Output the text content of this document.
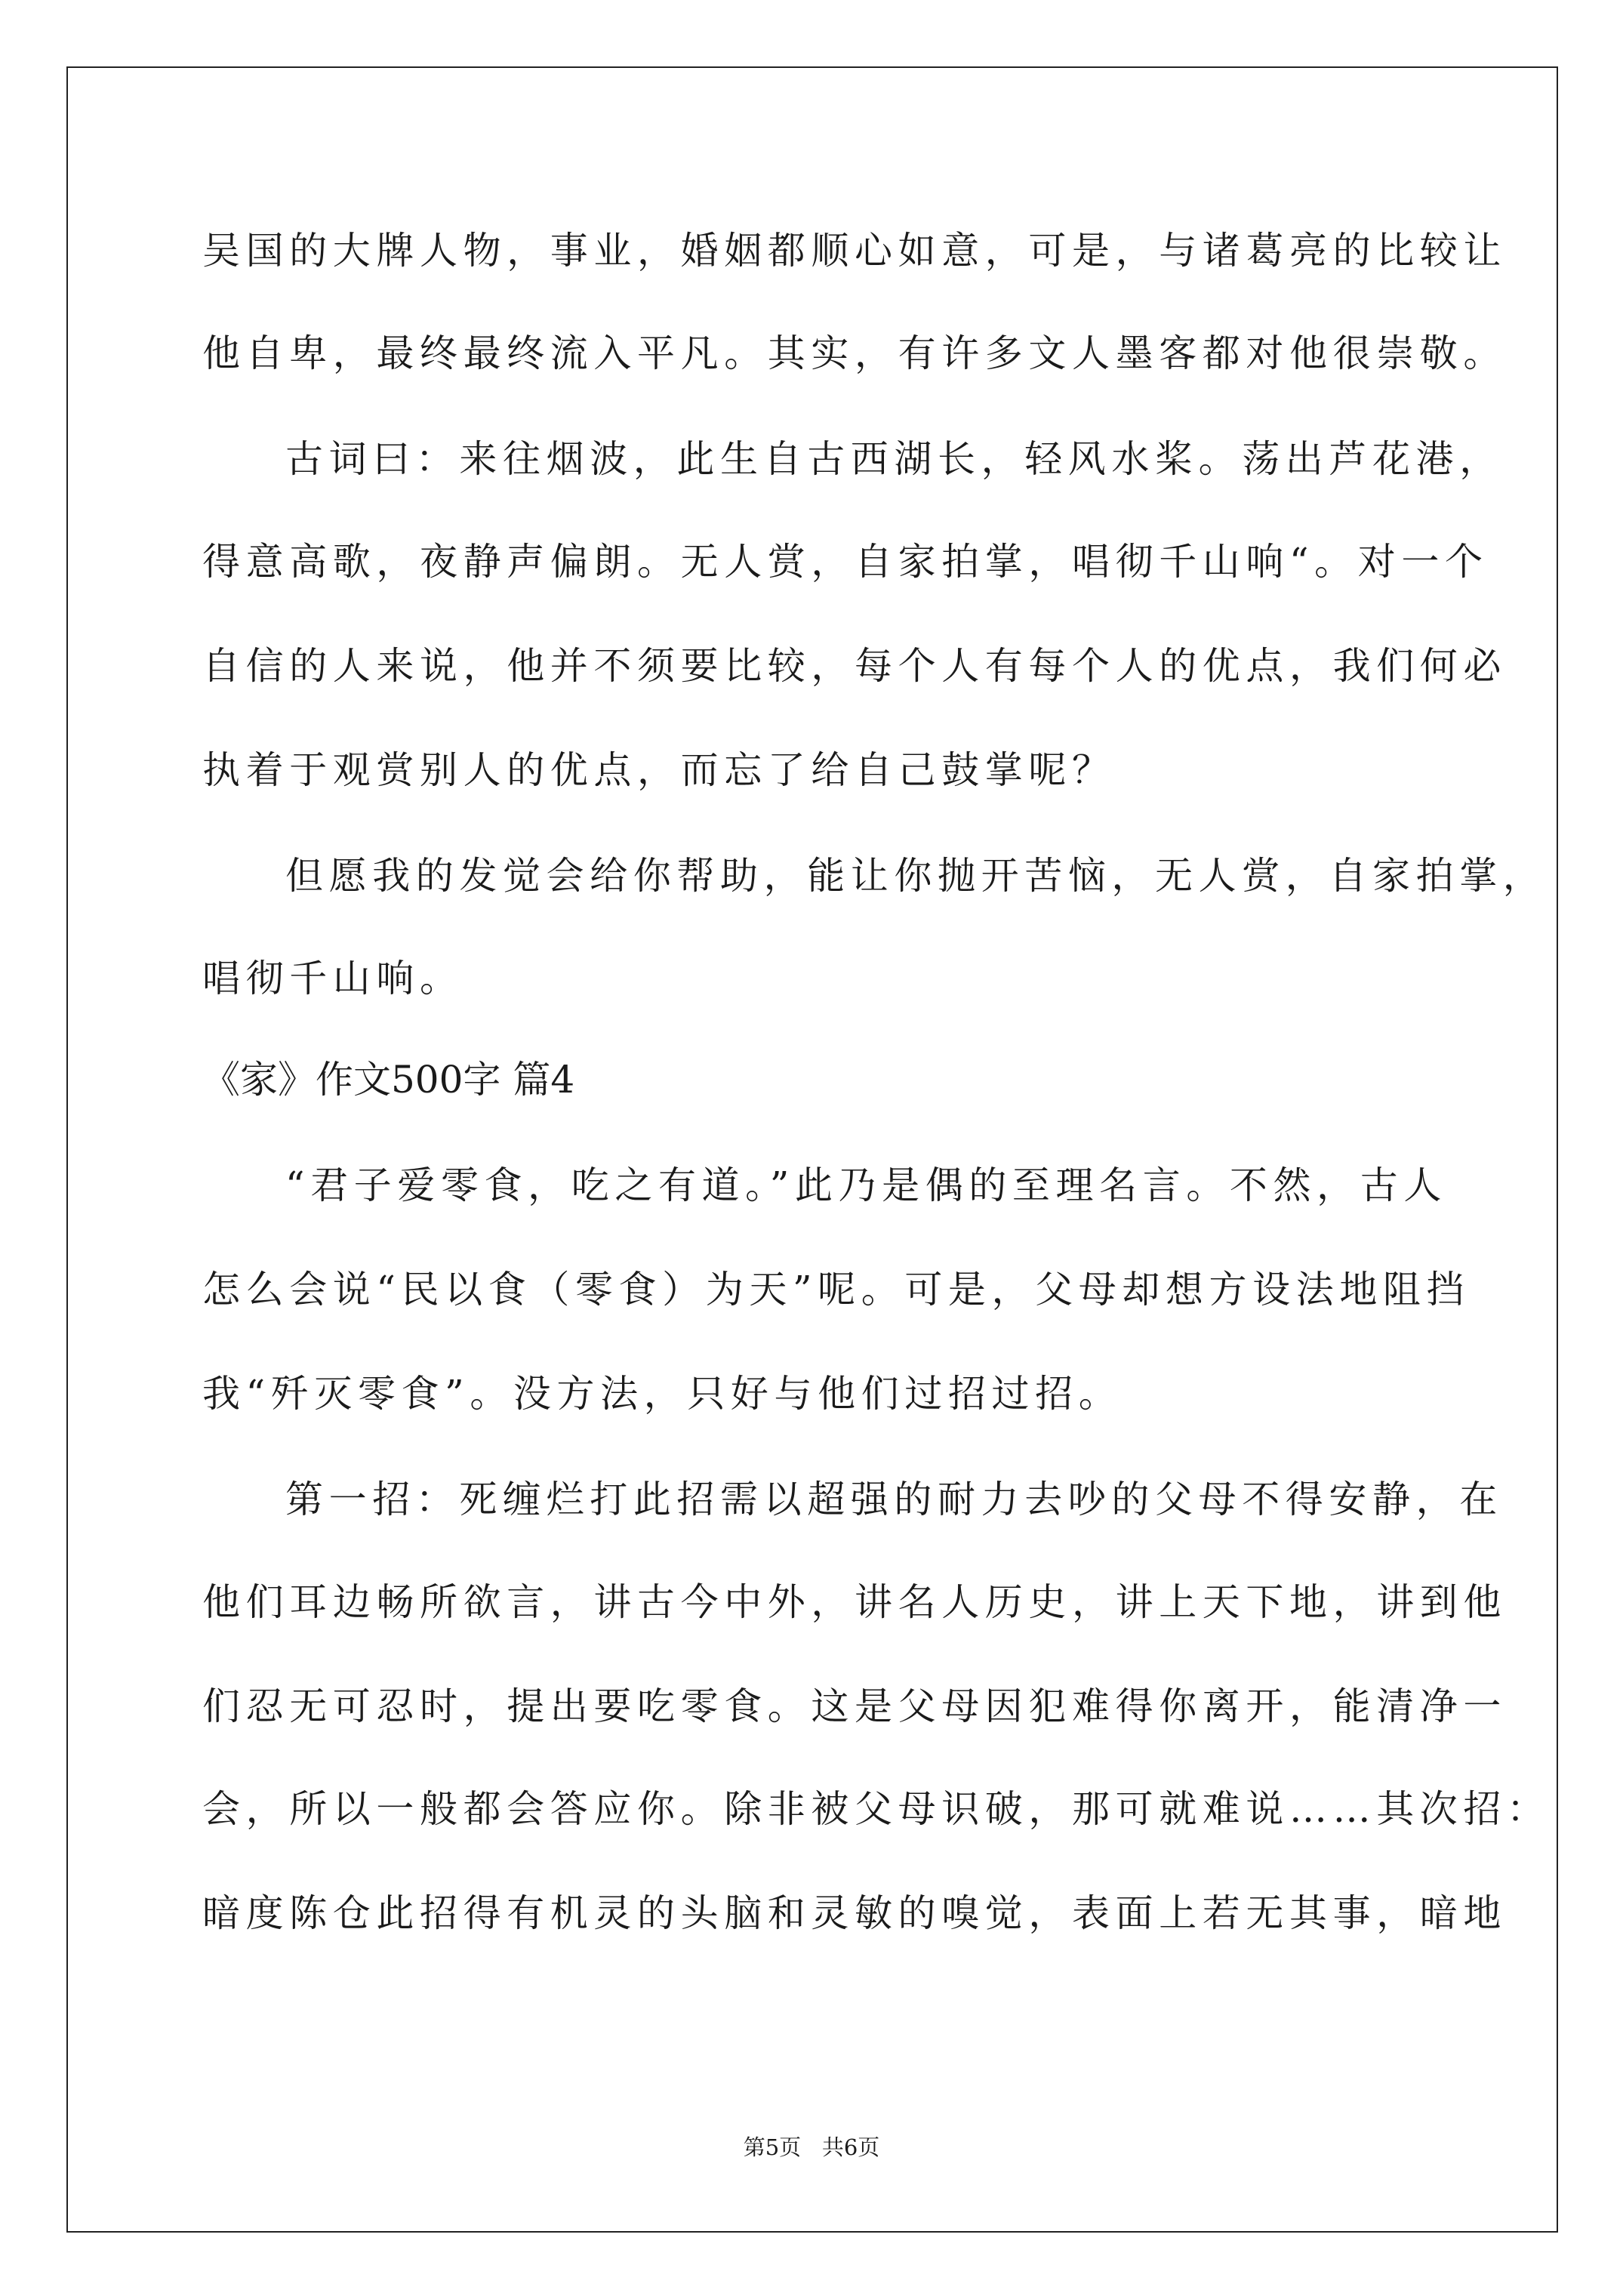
吴国的大牌人物，事业，婚姻都顺心如意，可是，与诸葛亮的比较让

他自卑，最终最终流入平凡。其实，有许多文人墨客都对他很崇敬。

古词曰：来往烟波，此生自古西湖长，轻风水桨。荡出芦花港，

得意高歌，夜静声偏朗。无人赏，自家拍掌，唱彻千山响“。对一个

自信的人来说，他并不须要比较，每个人有每个人的优点，我们何必

执着于观赏别人的优点，而忘了给自己鼓掌呢？

但愿我的发觉会给你帮助，能让你抛开苦恼，无人赏，自家拍掌，

唱彻千山响。

《家》作文500字 篇4

“君子爱零食，吃之有道。”此乃是偶的至理名言。不然，古人

怎么会说“民以食（零食）为天”呢。可是，父母却想方设法地阻挡

我“歼灭零食”。没方法，只好与他们过招过招。

第一招：死缠烂打此招需以超强的耐力去吵的父母不得安静，在

他们耳边畅所欲言，讲古今中外，讲名人历史，讲上天下地，讲到他

们忍无可忍时，提出要吃零食。这是父母因犯难得你离开，能清净一

会，所以一般都会答应你。除非被父母识破，那可就难说……其次招：

暗度陈仓此招得有机灵的头脑和灵敏的嗅觉，表面上若无其事，暗地

第5页   共6页
